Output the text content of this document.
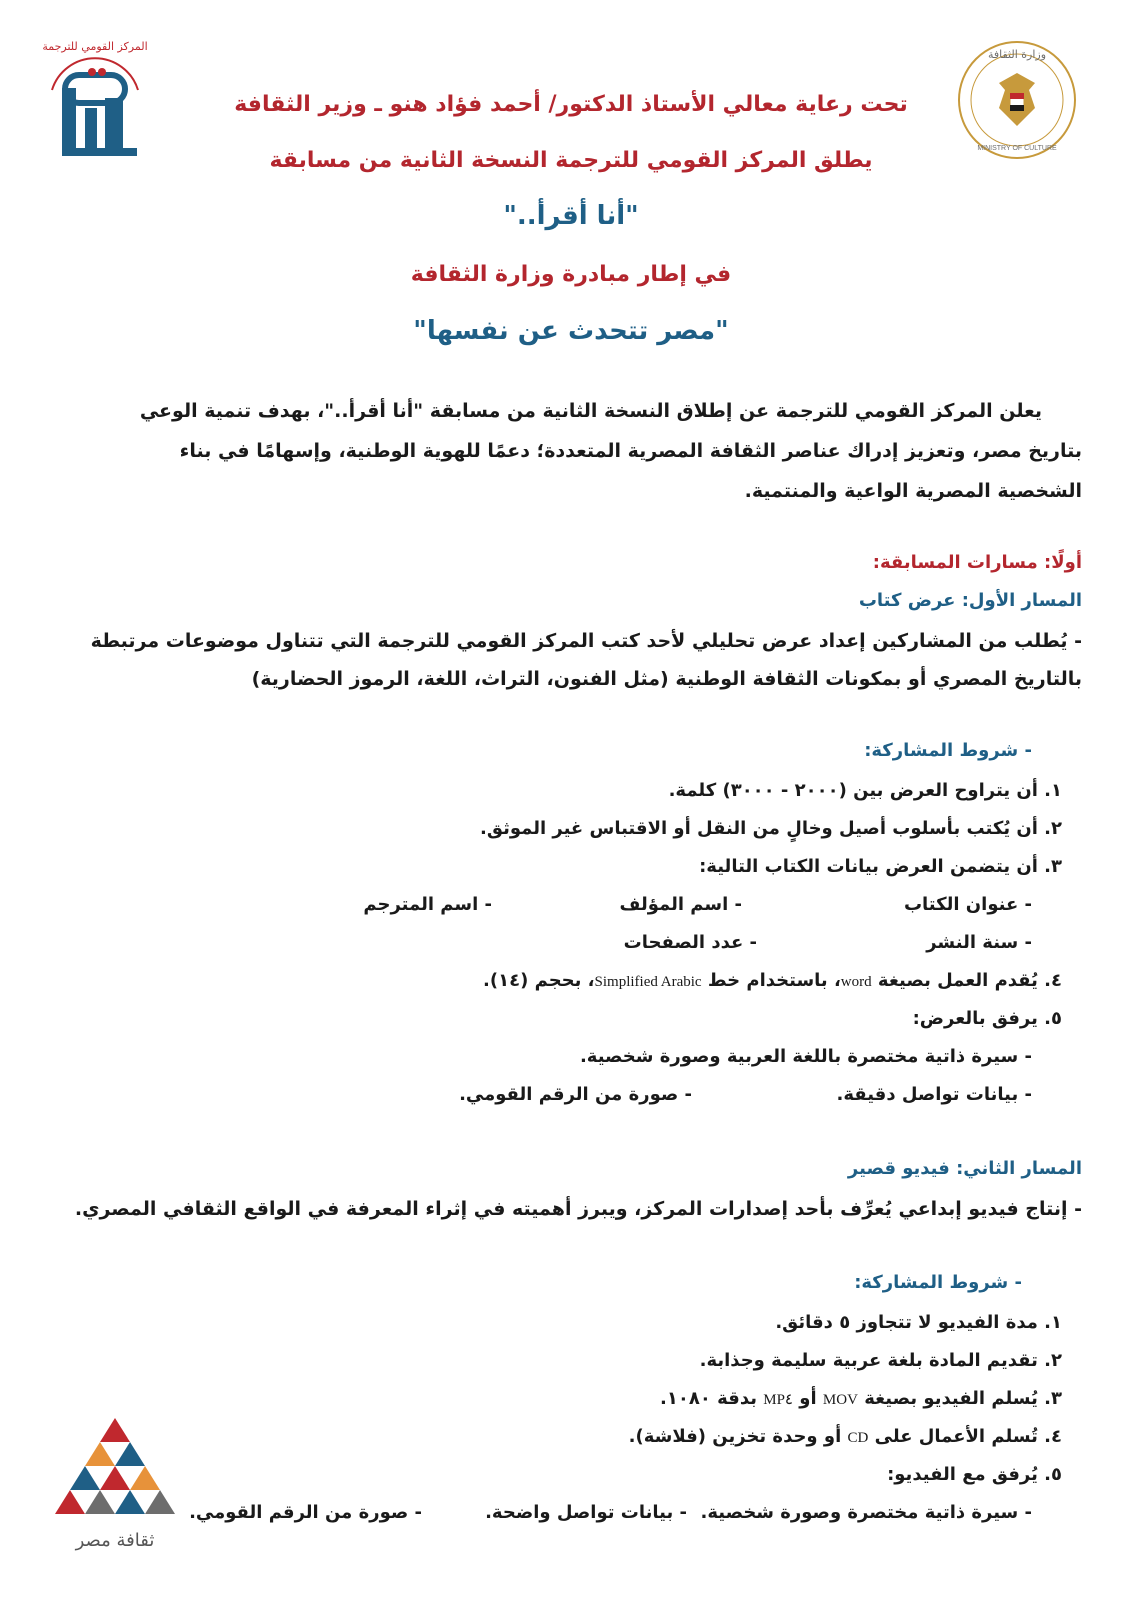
المركز القومي للترجمة
وزارة الثقافة
MINISTRY OF CULTURE
تحت رعاية معالي الأستاذ الدكتور/ أحمد فؤاد هنو ـ وزير الثقافة
يطلق المركز القومي للترجمة النسخة الثانية من مسابقة
"أنا أقرأ.."
في إطار مبادرة وزارة الثقافة
"مصر تتحدث عن نفسها"
يعلن المركز القومي للترجمة عن إطلاق النسخة الثانية من مسابقة "أنا أقرأ.."، بهدف تنمية الوعي
بتاريخ مصر، وتعزيز إدراك عناصر الثقافة المصرية المتعددة؛ دعمًا للهوية الوطنية، وإسهامًا في بناء
الشخصية المصرية الواعية والمنتمية.
أولًا: مسارات المسابقة:
المسار الأول: عرض كتاب
- يُطلب من المشاركين إعداد عرض تحليلي لأحد كتب المركز القومي للترجمة التي تتناول موضوعات مرتبطة
بالتاريخ المصري أو بمكونات الثقافة الوطنية (مثل الفنون، التراث، اللغة، الرموز الحضارية)
- شروط المشاركة:
١. أن يتراوح العرض بين (٢٠٠٠ - ٣٠٠٠) كلمة.
٢. أن يُكتب بأسلوب أصيل وخالٍ من النقل أو الاقتباس غير الموثق.
٣. أن يتضمن العرض بيانات الكتاب التالية:
- عنوان الكتاب
- اسم المؤلف
- اسم المترجم
- سنة النشر
- عدد الصفحات
٤. يُقدم العمل بصيغة word، باستخدام خط Simplified Arabic، بحجم (١٤).
٥. يرفق بالعرض:
- سيرة ذاتية مختصرة باللغة العربية وصورة شخصية.
- بيانات تواصل دقيقة.
- صورة من الرقم القومي.
المسار الثاني: فيديو قصير
- إنتاج فيديو إبداعي يُعرِّف بأحد إصدارات المركز، ويبرز أهميته في إثراء المعرفة في الواقع الثقافي المصري.
- شروط المشاركة:
١. مدة الفيديو لا تتجاوز ٥ دقائق.
٢. تقديم المادة بلغة عربية سليمة وجذابة.
٣. يُسلم الفيديو بصيغة MOV أو MP٤ بدقة ١٠٨٠.
٤. تُسلم الأعمال على CD أو وحدة تخزين (فلاشة).
٥. يُرفق مع الفيديو:
- سيرة ذاتية مختصرة وصورة شخصية.
- بيانات تواصل واضحة.
- صورة من الرقم القومي.
ثقافة مصر
